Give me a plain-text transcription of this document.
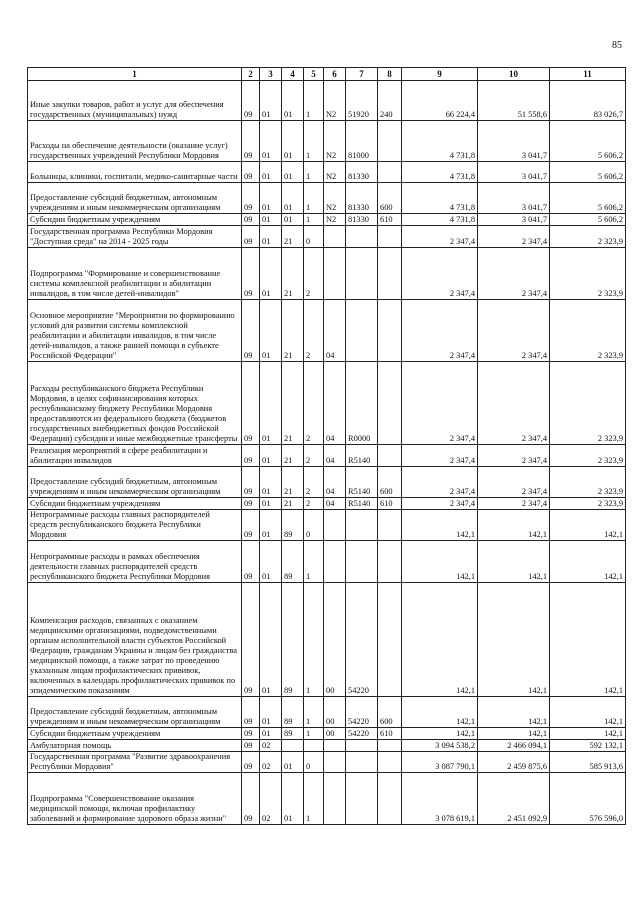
85
1	2	3	4	5	6	7	8	9	10	11
Иные закупки товаров, работ и услуг для обеспечения государственных (муниципальных) нужд	09	01	01	1	N2	51920	240	66 224,4	51 558,6	83 026,7
Расходы на обеспечение деятельности (оказание услуг) государственных учреждений Республики Мордовия	09	01	01	1	N2	81000		4 731,8	3 041,7	5 606,2
Больницы, клиники, госпитали, медико-санитарные части	09	01	01	1	N2	81330		4 731,8	3 041,7	5 606,2
Предоставление субсидий бюджетным, автономным учреждениям и иным некоммерческим организациям	09	01	01	1	N2	81330	600	4 731,8	3 041,7	5 606,2
Субсидии бюджетным учреждениям	09	01	01	1	N2	81330	610	4 731,8	3 041,7	5 606,2
Государственная программа Республики Мордовия "Доступная среда" на 2014 - 2025 годы	09	01	21	0				2 347,4	2 347,4	2 323,9
Подпрограмма "Формирование и совершенствование системы комплексной реабилитации и абилитации инвалидов, в том числе детей-инвалидов"	09	01	21	2				2 347,4	2 347,4	2 323,9
Основное мероприятие "Мероприятия по формированию условий для развития системы комплексной реабилитации и абилитации инвалидов, в том числе детей-инвалидов, а также ранней помощи в субъекте Российской Федерации"	09	01	21	2	04			2 347,4	2 347,4	2 323,9
Расходы республиканского бюджета Республики Мордовия, в целях софинансирования которых республиканскому бюджету Республики Мордовия предоставляются из федерального бюджета (бюджетов государственных внебюджетных фондов Российской Федерации) субсидии и иные межбюджетные трансферты	09	01	21	2	04	R0000		2 347,4	2 347,4	2 323,9
Реализация мероприятий в сфере реабилитации и абилитации инвалидов	09	01	21	2	04	R5140		2 347,4	2 347,4	2 323,9
Предоставление субсидий бюджетным, автономным учреждениям и иным некоммерческим организациям	09	01	21	2	04	R5140	600	2 347,4	2 347,4	2 323,9
Субсидии бюджетным учреждениям	09	01	21	2	04	R5140	610	2 347,4	2 347,4	2 323,9
Непрограммные расходы главных распорядителей средств республиканского бюджета Республики Мордовия	09	01	89	0				142,1	142,1	142,1
Непрограммные расходы в рамках обеспечения деятельности главных распорядителей средств республиканского бюджета Республики Мордовия	09	01	89	1				142,1	142,1	142,1
Компенсация расходов, связанных с оказанием медицинскими организациями, подведомственными органам исполнительной власти субъектов Российской Федерации, гражданам Украины и лицам без гражданства медицинской помощи, а также затрат по проведению указанным лицам профилактических прививок, включенных в календарь профилактических прививок по эпидемическим показаниям	09	01	89	1	00	54220		142,1	142,1	142,1
Предоставление субсидий бюджетным, автономным учреждениям и иным некоммерческим организациям	09	01	89	1	00	54220	600	142,1	142,1	142,1
Субсидии бюджетным учреждениям	09	01	89	1	00	54220	610	142,1	142,1	142,1
Амбулаторная помощь	09	02						3 094 538,2	2 466 094,1	592 132,1
Государственная программа "Развитие здравоохранения Республики Мордовия"	09	02	01	0				3 087 790,1	2 459 875,6	585 913,6
Подпрограмма "Совершенствование оказания медицинской помощи, включая профилактику заболеваний и формирование здорового образа жизни"	09	02	01	1				3 078 619,1	2 451 092,9	576 596,0
